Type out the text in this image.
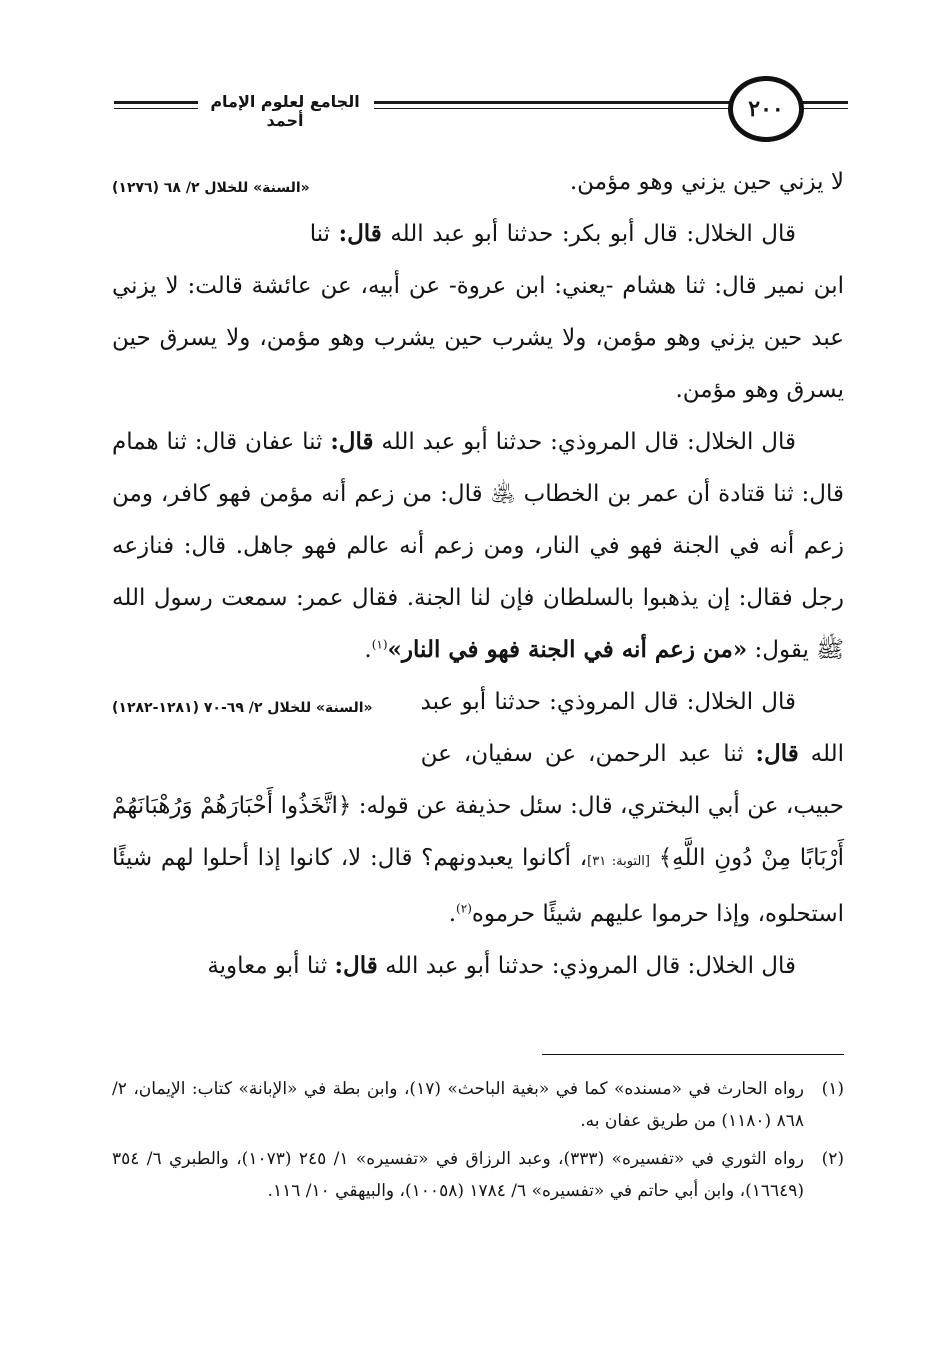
٢٠٠
الجامع لعلوم الإمام أحمد

لا يزني حين يزني وهو مؤمن.
«السنة» للخلال ٢/ ٦٨ (١٢٧٦)

قال الخلال: قال أبو بكر: حدثنا أبو عبد الله قال: ثنا ابن نمير قال: ثنا هشام -يعني: ابن عروة- عن أبيه، عن عائشة قالت: لا يزني عبد حين يزني وهو مؤمن، ولا يشرب حين يشرب وهو مؤمن، ولا يسرق حين يسرق وهو مؤمن.

قال الخلال: قال المروذي: حدثنا أبو عبد الله قال: ثنا عفان قال: ثنا همام قال: ثنا قتادة أن عمر بن الخطاب ﵁ قال: من زعم أنه مؤمن فهو كافر، ومن زعم أنه في الجنة فهو في النار، ومن زعم أنه عالم فهو جاهل. قال: فنازعه رجل فقال: إن يذهبوا بالسلطان فإن لنا الجنة. فقال عمر: سمعت رسول الله ﷺ يقول: «من زعم أنه في الجنة فهو في النار»$^{(١)}$.
«السنة» للخلال ٢/ ٦٩-٧٠ (١٢٨١-١٢٨٢)	قال الخلال: قال المروذي: حدثنا أبو عبد الله قال: ثنا عبد الرحمن، عن سفيان، عن حبيب، عن أبي البختري، قال: سئل حذيفة عن قوله: ﴿اتَّخَذُوا أَحْبَارَهُمْ وَرُهْبَانَهُمْ أَرْبَابًا مِنْ دُونِ اللَّهِ﴾ [التوبة: ٣١]، أكانوا يعبدونهم؟ قال: لا، كانوا إذا أحلوا لهم شيئًا استحلوه، وإذا حرموا عليهم شيئًا حرموه$^{(٢)}$.

قال الخلال: قال المروذي: حدثنا أبو عبد الله قال: ثنا أبو معاوية

(١)
رواه الحارث في «مسنده» كما في «بغية الباحث» (١٧)، وابن بطة في «الإبانة» كتاب: الإيمان، ٢/ ٨٦٨ (١١٨٠) من طريق عفان به.
(٢)
رواه الثوري في «تفسيره» (٣٣٣)، وعبد الرزاق في «تفسيره» ١/ ٢٤٥ (١٠٧٣)، والطبري ٦/ ٣٥٤ (١٦٦٤٩)، وابن أبي حاتم في «تفسيره» ٦/ ١٧٨٤ (١٠٠٥٨)، والبيهقي ١٠/ ١١٦.
